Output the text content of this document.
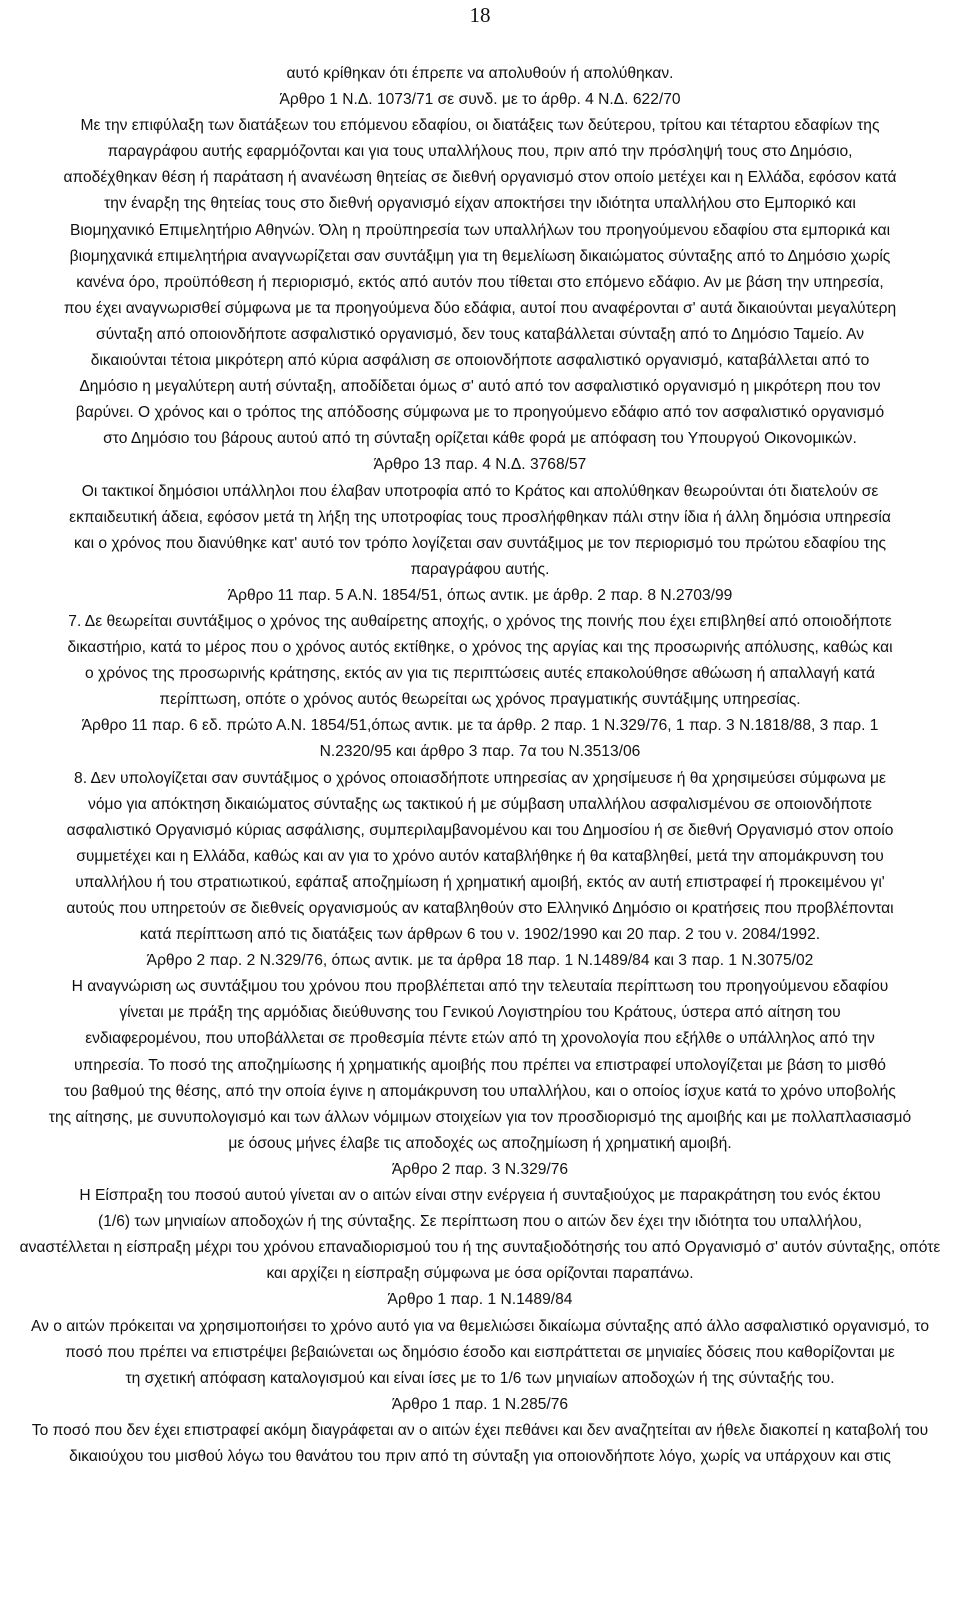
18
αυτό κρίθηκαν ότι έπρεπε να απολυθούν ή απολύθηκαν.
Άρθρο 1 Ν.Δ. 1073/71 σε συνδ. με το άρθρ. 4 Ν.Δ. 622/70
Με την επιφύλαξη των διατάξεων του επόμενου εδαφίου, οι διατάξεις των δεύτερου, τρίτου και τέταρτου εδαφίων της
παραγράφου αυτής εφαρμόζονται και για τους υπαλλήλους που, πριν από την πρόσληψή τους στο Δημόσιο,
αποδέχθηκαν θέση ή παράταση ή ανανέωση θητείας σε διεθνή οργανισμό στον οποίο μετέχει και η Ελλάδα, εφόσον κατά
την έναρξη της θητείας τους στο διεθνή οργανισμό είχαν αποκτήσει την ιδιότητα υπαλλήλου στο Εμπορικό και
Βιομηχανικό Επιμελητήριο Αθηνών. Όλη η προϋπηρεσία των υπαλλήλων του προηγούμενου εδαφίου στα εμπορικά και
βιομηχανικά επιμελητήρια αναγνωρίζεται σαν συντάξιμη για τη θεμελίωση δικαιώματος σύνταξης από το Δημόσιο χωρίς
κανένα όρο, προϋπόθεση ή περιορισμό, εκτός από αυτόν που τίθεται στο επόμενο εδάφιο. Αν με βάση την υπηρεσία,
που έχει αναγνωρισθεί σύμφωνα με τα προηγούμενα δύο εδάφια, αυτοί που αναφέρονται σ' αυτά δικαιούνται μεγαλύτερη
σύνταξη από οποιονδήποτε ασφαλιστικό οργανισμό, δεν τους καταβάλλεται σύνταξη από το Δημόσιο Ταμείο. Αν
δικαιούνται τέτοια μικρότερη από κύρια ασφάλιση σε οποιονδήποτε ασφαλιστικό οργανισμό, καταβάλλεται από το
Δημόσιο η μεγαλύτερη αυτή σύνταξη, αποδίδεται όμως σ' αυτό από τον ασφαλιστικό οργανισμό η μικρότερη που τον
βαρύνει. Ο χρόνος και ο τρόπος της απόδοσης σύμφωνα με το προηγούμενο εδάφιο από τον ασφαλιστικό οργανισμό
στο Δημόσιο του βάρους αυτού από τη σύνταξη ορίζεται κάθε φορά με απόφαση του Υπουργού Οικονομικών.
Άρθρο 13 παρ. 4 Ν.Δ. 3768/57
Οι τακτικοί δημόσιοι υπάλληλοι που έλαβαν υποτροφία από το Κράτος και απολύθηκαν θεωρούνται ότι διατελούν σε
εκπαιδευτική άδεια, εφόσον μετά τη λήξη της υποτροφίας τους προσλήφθηκαν πάλι στην ίδια ή άλλη δημόσια υπηρεσία
και ο χρόνος που διανύθηκε κατ' αυτό τον τρόπο λογίζεται σαν συντάξιμος με τον περιορισμό του πρώτου εδαφίου της
παραγράφου αυτής.
Άρθρο 11 παρ. 5 Α.Ν. 1854/51, όπως αντικ. με άρθρ. 2 παρ. 8 Ν.2703/99
7. Δε θεωρείται συντάξιμος ο χρόνος της αυθαίρετης αποχής, ο χρόνος της ποινής που έχει επιβληθεί από οποιοδήποτε
δικαστήριο, κατά το μέρος που ο χρόνος αυτός εκτίθηκε, ο χρόνος της αργίας και της προσωρινής απόλυσης, καθώς και
ο χρόνος της προσωρινής κράτησης, εκτός αν για τις περιπτώσεις αυτές επακολούθησε αθώωση ή απαλλαγή κατά
περίπτωση, οπότε ο χρόνος αυτός θεωρείται ως χρόνος πραγματικής συντάξιμης υπηρεσίας.
Άρθρο 11 παρ. 6 εδ. πρώτο Α.Ν. 1854/51,όπως αντικ. με τα άρθρ. 2 παρ. 1 Ν.329/76, 1 παρ. 3 Ν.1818/88, 3 παρ. 1
Ν.2320/95 και άρθρο 3 παρ. 7α του Ν.3513/06
8. Δεν υπολογίζεται σαν συντάξιμος ο χρόνος οποιασδήποτε υπηρεσίας αν χρησίμευσε ή θα χρησιμεύσει σύμφωνα με
νόμο για απόκτηση δικαιώματος σύνταξης ως τακτικού ή με σύμβαση υπαλλήλου ασφαλισμένου σε οποιονδήποτε
ασφαλιστικό Οργανισμό κύριας ασφάλισης, συμπεριλαμβανομένου και του Δημοσίου ή σε διεθνή Οργανισμό στον οποίο
συμμετέχει και η Ελλάδα, καθώς και αν για το χρόνο αυτόν καταβλήθηκε ή θα καταβληθεί, μετά την απομάκρυνση του
υπαλλήλου ή του στρατιωτικού, εφάπαξ αποζημίωση ή χρηματική αμοιβή, εκτός αν αυτή επιστραφεί ή προκειμένου γι'
αυτούς που υπηρετούν σε διεθνείς οργανισμούς αν καταβληθούν στο Ελληνικό Δημόσιο οι κρατήσεις που προβλέπονται
κατά περίπτωση από τις διατάξεις των άρθρων 6 του ν. 1902/1990 και 20 παρ. 2 του ν. 2084/1992.
Άρθρο 2 παρ. 2 Ν.329/76, όπως αντικ. με τα άρθρα 18 παρ. 1 Ν.1489/84 και 3 παρ. 1 Ν.3075/02
Η αναγνώριση ως συντάξιμου του χρόνου που προβλέπεται από την τελευταία περίπτωση του προηγούμενου εδαφίου
γίνεται με πράξη της αρμόδιας διεύθυνσης του Γενικού Λογιστηρίου του Κράτους, ύστερα από αίτηση του
ενδιαφερομένου, που υποβάλλεται σε προθεσμία πέντε ετών από τη χρονολογία που εξήλθε ο υπάλληλος από την
υπηρεσία. Το ποσό της αποζημίωσης ή χρηματικής αμοιβής που πρέπει να επιστραφεί υπολογίζεται με βάση το μισθό
του βαθμού της θέσης, από την οποία έγινε η απομάκρυνση του υπαλλήλου, και ο οποίος ίσχυε κατά το χρόνο υποβολής
της αίτησης, με συνυπολογισμό και των άλλων νόμιμων στοιχείων για τον προσδιορισμό της αμοιβής και με πολλαπλασιασμό
με όσους μήνες έλαβε τις αποδοχές ως αποζημίωση ή χρηματική αμοιβή.
Άρθρο 2 παρ. 3 Ν.329/76
Η Είσπραξη του ποσού αυτού γίνεται αν ο αιτών είναι στην ενέργεια ή συνταξιούχος με παρακράτηση του ενός έκτου
(1/6) των μηνιαίων αποδοχών ή της σύνταξης. Σε περίπτωση που ο αιτών δεν έχει την ιδιότητα του υπαλλήλου,
αναστέλλεται η είσπραξη μέχρι του χρόνου επαναδιορισμού του ή της συνταξιοδότησής του από Οργανισμό σ' αυτόν σύνταξης, οπότε
και αρχίζει η είσπραξη σύμφωνα με όσα ορίζονται παραπάνω.
Άρθρο 1 παρ. 1 Ν.1489/84
Αν ο αιτών πρόκειται να χρησιμοποιήσει το χρόνο αυτό για να θεμελιώσει δικαίωμα σύνταξης από άλλο ασφαλιστικό οργανισμό, το
ποσό που πρέπει να επιστρέψει βεβαιώνεται ως δημόσιο έσοδο και εισπράττεται σε μηνιαίες δόσεις που καθορίζονται με
τη σχετική απόφαση καταλογισμού και είναι ίσες με το 1/6 των μηνιαίων αποδοχών ή της σύνταξής του.
Άρθρο 1 παρ. 1 Ν.285/76
Το ποσό που δεν έχει επιστραφεί ακόμη διαγράφεται αν ο αιτών έχει πεθάνει και δεν αναζητείται αν ήθελε διακοπεί η καταβολή του
δικαιούχου του μισθού λόγω του θανάτου του πριν από τη σύνταξη για οποιονδήποτε λόγο, χωρίς να υπάρχουν και στις
